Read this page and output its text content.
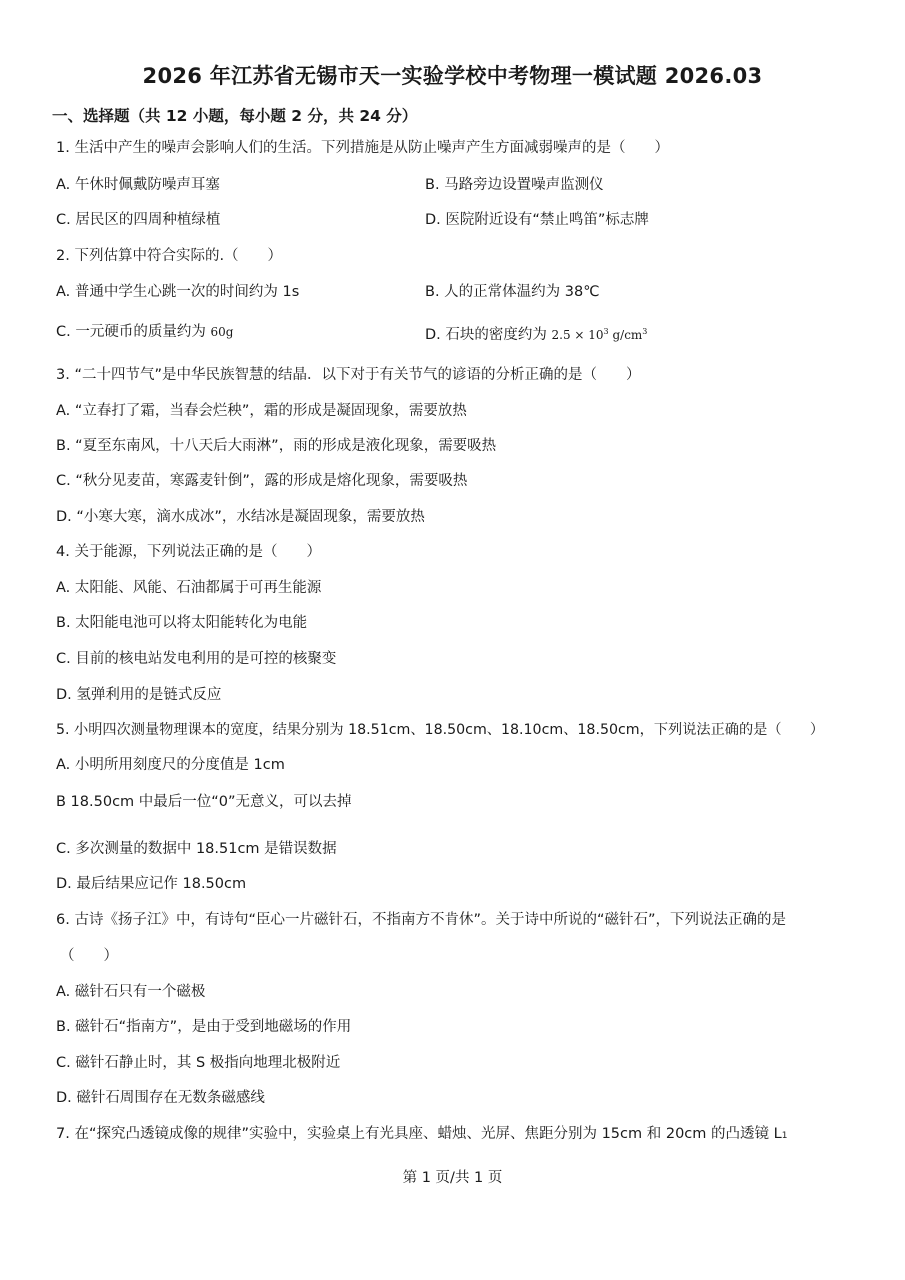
2026 年江苏省无锡市天一实验学校中考物理一模试题 2026.03
一、选择题（共 12 小题，每小题 2 分，共 24 分）
1. 生活中产生的噪声会影响人们的生活。下列措施是从防止噪声产生方面减弱噪声的是（　　）
A. 午休时佩戴防噪声耳塞	B. 马路旁边设置噪声监测仪
C. 居民区的四周种植绿植	D. 医院附近设有“禁止鸣笛”标志牌
2. 下列估算中符合实际的.（　　）
A. 普通中学生心跳一次的时间约为 1s	B. 人的正常体温约为 38℃
C. 一元硬币的质量约为 60g	D. 石块的密度约为 $2.5 \times 10^3$ $g/cm^3$
3. “二十四节气”是中华民族智慧的结晶．以下对于有关节气的谚语的分析正确的是（　　）
A. “立春打了霜，当春会烂秧”，霜的形成是凝固现象，需要放热
B. “夏至东南风，十八天后大雨淋”，雨的形成是液化现象，需要吸热
C. “秋分见麦苗，寒露麦针倒”，露的形成是熔化现象，需要吸热
D. “小寒大寒，滴水成冰”，水结冰是凝固现象，需要放热
4. 关于能源，下列说法正确的是（　　）
A. 太阳能、风能、石油都属于可再生能源
B. 太阳能电池可以将太阳能转化为电能
C. 目前的核电站发电利用的是可控的核聚变
D. 氢弹利用的是链式反应
5. 小明四次测量物理课本的宽度，结果分别为 18.51cm、18.50cm、18.10cm、18.50cm，下列说法正确的是（　　）
A. 小明所用刻度尺的分度值是 1cm
B 18.50cm 中最后一位“0”无意义，可以去掉
C. 多次测量的数据中 18.51cm 是错误数据
D. 最后结果应记作 18.50cm
6. 古诗《扬子江》中，有诗句“臣心一片磁针石，不指南方不肯休”。关于诗中所说的“磁针石”，下列说法正确的是
（　　）
A. 磁针石只有一个磁极
B. 磁针石“指南方”，是由于受到地磁场的作用
C. 磁针石静止时，其 S 极指向地理北极附近
D. 磁针石周围存在无数条磁感线
7. 在“探究凸透镜成像的规律”实验中，实验桌上有光具座、蜡烛、光屏、焦距分别为 15cm 和 20cm 的凸透镜 L1
第 1 页/共 1 页
